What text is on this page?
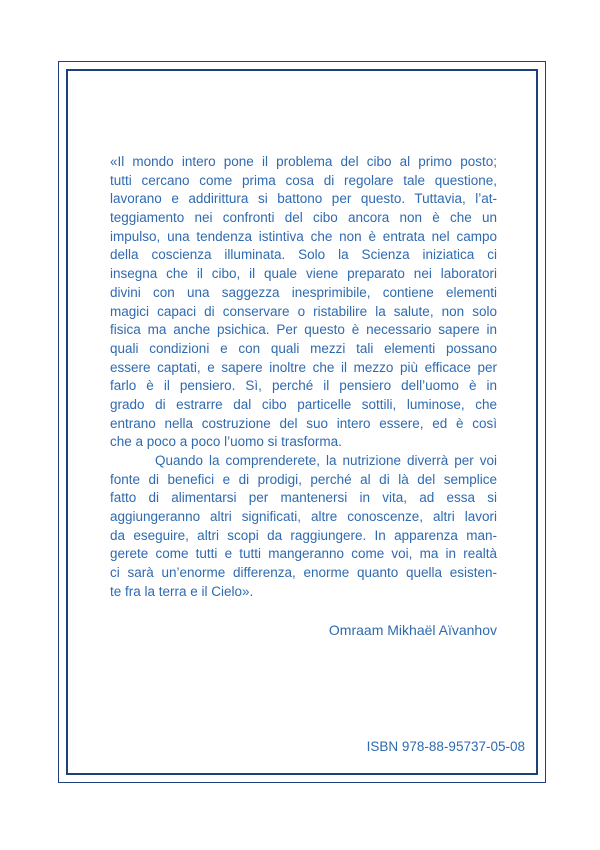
«Il mondo intero pone il problema del cibo al primo posto;
tutti cercano come prima cosa di regolare tale questione,
lavorano e addirittura si battono per questo. Tuttavia, l’at-
teggiamento nei confronti del cibo ancora non è che un
impulso, una tendenza istintiva che non è entrata nel campo
della coscienza illuminata. Solo la Scienza iniziatica ci
insegna che il cibo, il quale viene preparato nei laboratori
divini con una saggezza inesprimibile, contiene elementi
magici capaci di conservare o ristabilire la salute, non solo
fisica ma anche psichica. Per questo è necessario sapere in
quali condizioni e con quali mezzi tali elementi possano
essere captati, e sapere inoltre che il mezzo più efficace per
farlo è il pensiero. Sì, perché il pensiero dell’uomo è in
grado di estrarre dal cibo particelle sottili, luminose, che
entrano nella costruzione del suo intero essere, ed è così
che a poco a poco l’uomo si trasforma.
Quando la comprenderete, la nutrizione diverrà per voi
fonte di benefici e di prodigi, perché al di là del semplice
fatto di alimentarsi per mantenersi in vita, ad essa si
aggiungeranno altri significati, altre conoscenze, altri lavori
da eseguire, altri scopi da raggiungere. In apparenza man-
gerete come tutti e tutti mangeranno come voi, ma in realtà
ci sarà un’enorme differenza, enorme quanto quella esisten-
te fra la terra e il Cielo».
Omraam Mikhaël Aïvanhov
ISBN 978-88-95737-05-08
